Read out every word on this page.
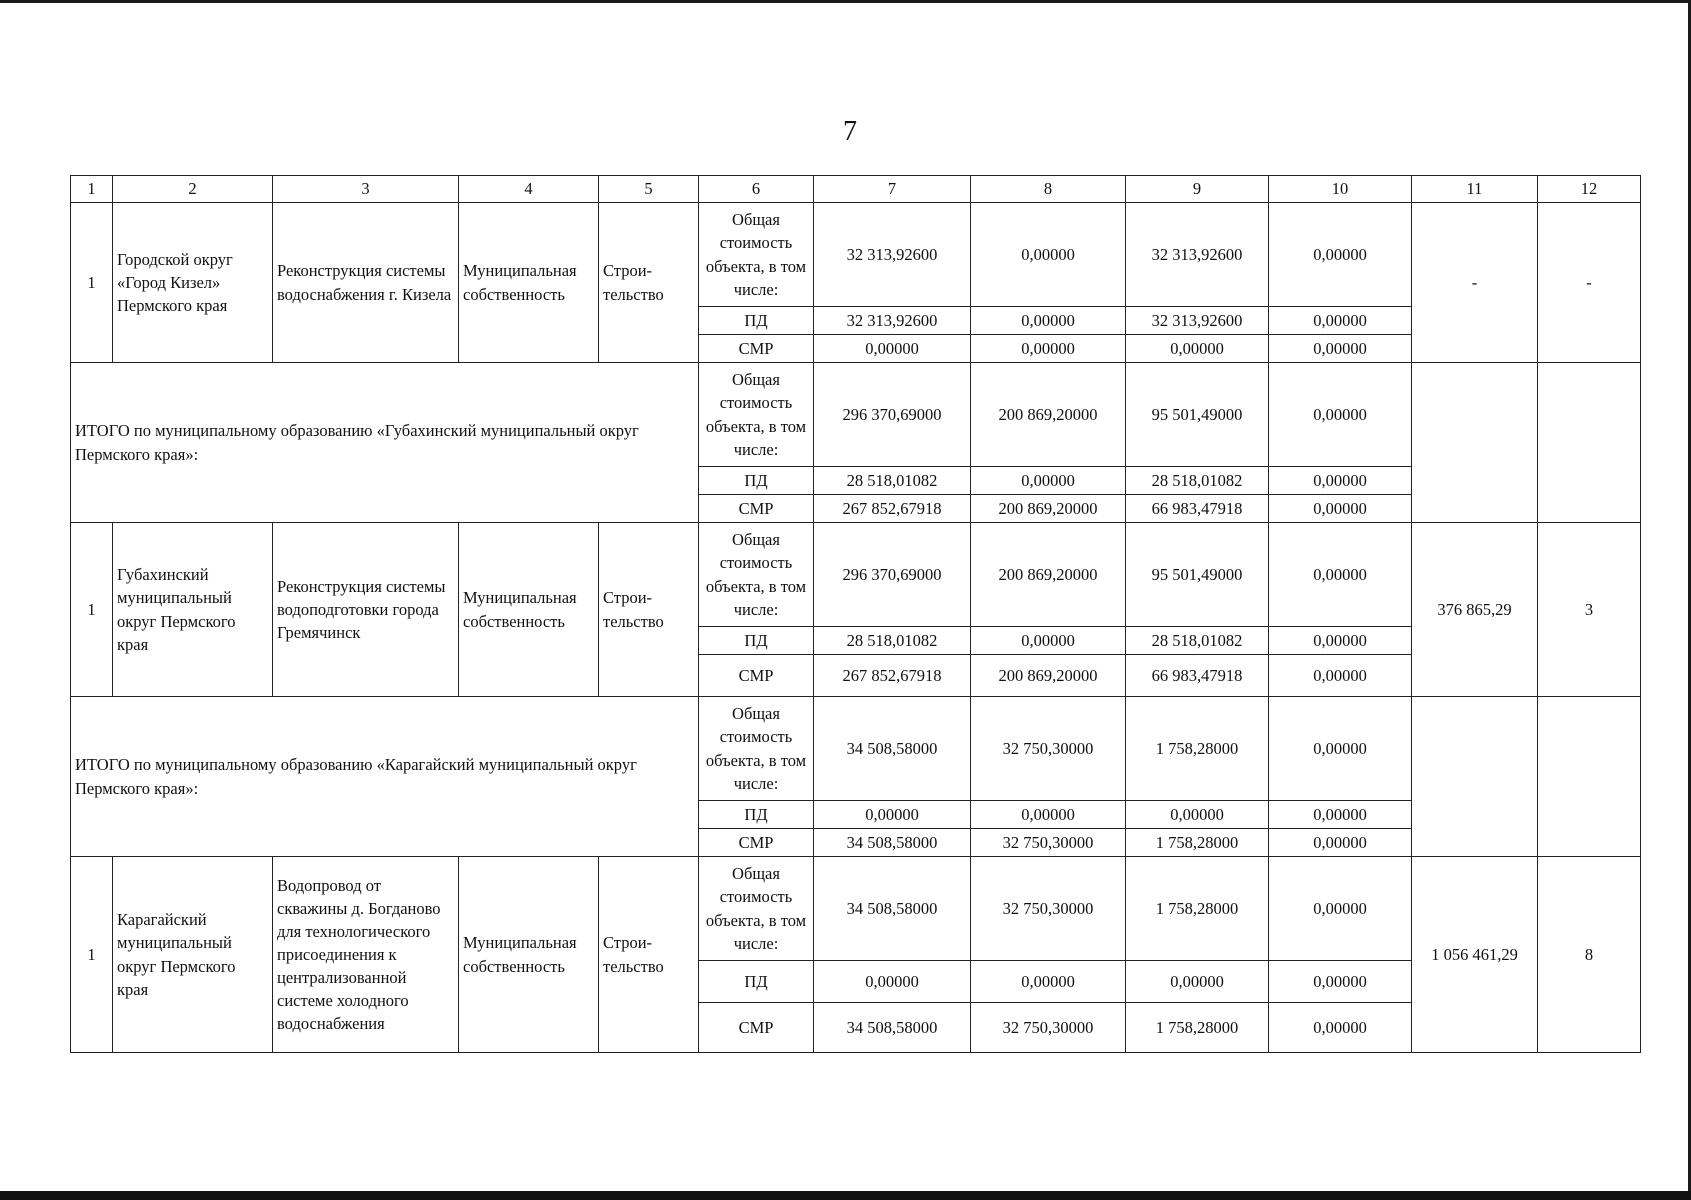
7
1	2	3	4	5	6	7	8	9	10	11	12
1	Городской округ «Город Кизел» Пермского края	Реконструкция системы водоснабжения г. Кизела	Муниципальная собственность	Строи-тельство	Общая стоимость объекта, в том числе:	32 313,92600	0,00000	32 313,92600	0,00000	-	-
					ПД	32 313,92600	0,00000	32 313,92600	0,00000		
					СМР	0,00000	0,00000	0,00000	0,00000		
ИТОГО по муниципальному образованию «Губахинский муниципальный округ Пермского края»:					Общая стоимость объекта, в том числе:	296 370,69000	200 869,20000	95 501,49000	0,00000		
					ПД	28 518,01082	0,00000	28 518,01082	0,00000		
					СМР	267 852,67918	200 869,20000	66 983,47918	0,00000		
1	Губахинский муниципальный округ Пермского края	Реконструкция системы водоподготовки города Гремячинск	Муниципальная собственность	Строи-тельство	Общая стоимость объекта, в том числе:	296 370,69000	200 869,20000	95 501,49000	0,00000	376 865,29	3
					ПД	28 518,01082	0,00000	28 518,01082	0,00000		
					СМР	267 852,67918	200 869,20000	66 983,47918	0,00000		
ИТОГО по муниципальному образованию «Карагайский муниципальный округ Пермского края»:					Общая стоимость объекта, в том числе:	34 508,58000	32 750,30000	1 758,28000	0,00000		
					ПД	0,00000	0,00000	0,00000	0,00000		
					СМР	34 508,58000	32 750,30000	1 758,28000	0,00000		
1	Карагайский муниципальный округ Пермского края	Водопровод от скважины д. Богданово для технологического присоединения к централизованной системе холодного водоснабжения	Муниципальная собственность	Строи-тельство	Общая стоимость объекта, в том числе:	34 508,58000	32 750,30000	1 758,28000	0,00000	1 056 461,29	8
					ПД	0,00000	0,00000	0,00000	0,00000		
					СМР	34 508,58000	32 750,30000	1 758,28000	0,00000		
